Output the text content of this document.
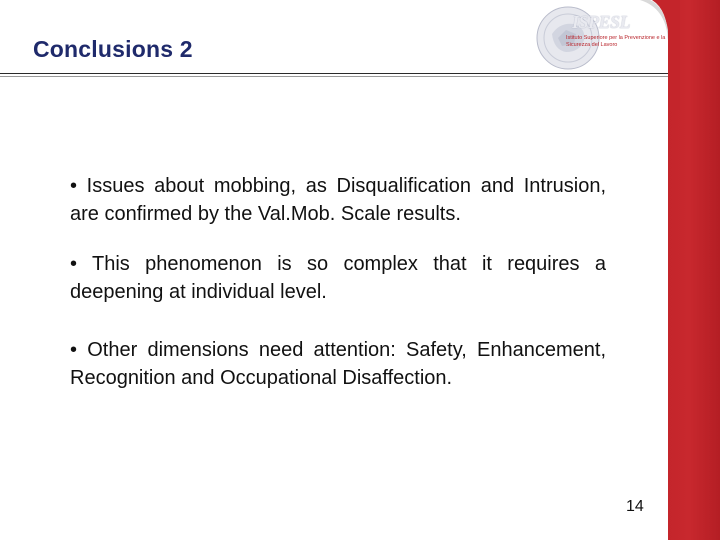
ISPESL
Istituto Superiore per la Prevenzione e la Sicurezza del Lavoro
Conclusions 2

• Issues about mobbing, as Disqualification and Intrusion, are confirmed by the Val.Mob. Scale results.

• This phenomenon is so complex that it requires a deepening at individual level.

• Other dimensions need attention: Safety, Enhancement, Recognition and Occupational Disaffection.

14
